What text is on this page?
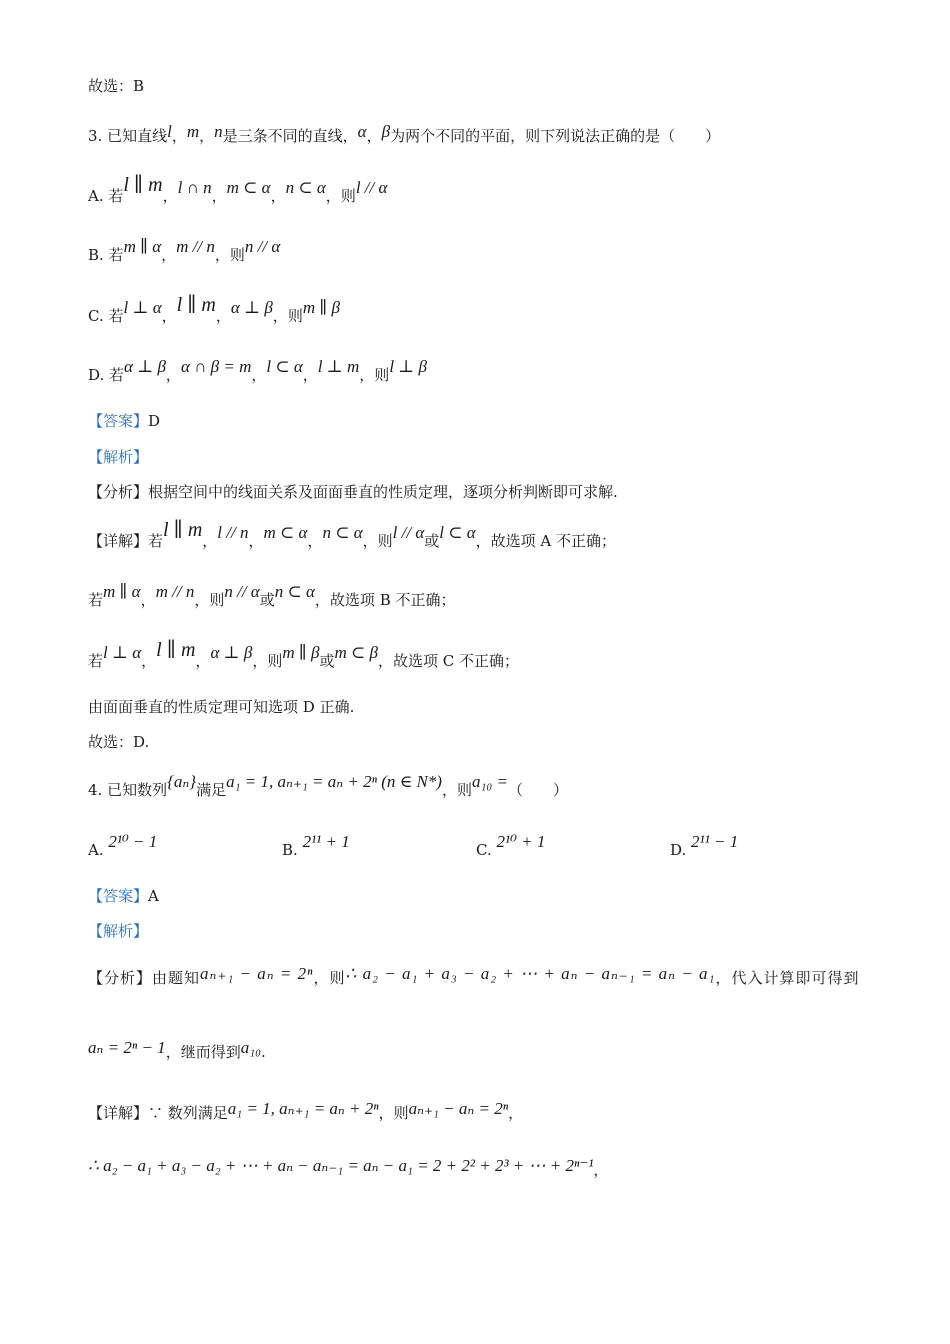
故选：B
3. 已知直线l，m，n是三条不同的直线，α，β为两个不同的平面，则下列说法正确的是（　　）
A. 若l ∥ m，l ∩ n，m ⊂ α，n ⊂ α，则l // α
B. 若m ∥ α，m // n，则n // α
C. 若l ⊥ α，l ∥ m，α ⊥ β，则m ∥ β
D. 若α ⊥ β，α ∩ β = m，l ⊂ α，l ⊥ m，则l ⊥ β
【答案】D
【解析】
【分析】根据空间中的线面关系及面面垂直的性质定理，逐项分析判断即可求解.
【详解】若l ∥ m，l // n，m ⊂ α，n ⊂ α，则l // α或l ⊂ α，故选项 A 不正确；
若m ∥ α，m // n，则n // α或n ⊂ α，故选项 B 不正确；
若l ⊥ α，l ∥ m，α ⊥ β，则m ∥ β或m ⊂ β，故选项 C 不正确；
由面面垂直的性质定理可知选项 D 正确.
故选：D.
4. 已知数列{aₙ}满足a₁ = 1, aₙ₊₁ = aₙ + 2ⁿ (n ∈ N*)，则a₁₀ =（　　）
A. 2¹⁰ − 1	B. 2¹¹ + 1	C. 2¹⁰ + 1	D. 2¹¹ − 1
【答案】A
【解析】
【分析】由题知aₙ₊₁ − aₙ = 2ⁿ，则∴ a₂ − a₁ + a₃ − a₂ + ⋯ + aₙ − aₙ₋₁ = aₙ − a₁，代入计算即可得到
aₙ = 2ⁿ − 1，继而得到a₁₀.
【详解】∵ 数列满足a₁ = 1, aₙ₊₁ = aₙ + 2ⁿ，则aₙ₊₁ − aₙ = 2ⁿ，
∴ a₂ − a₁ + a₃ − a₂ + ⋯ + aₙ − aₙ₋₁ = aₙ − a₁ = 2 + 2² + 2³ + ⋯ + 2ⁿ⁻¹，
